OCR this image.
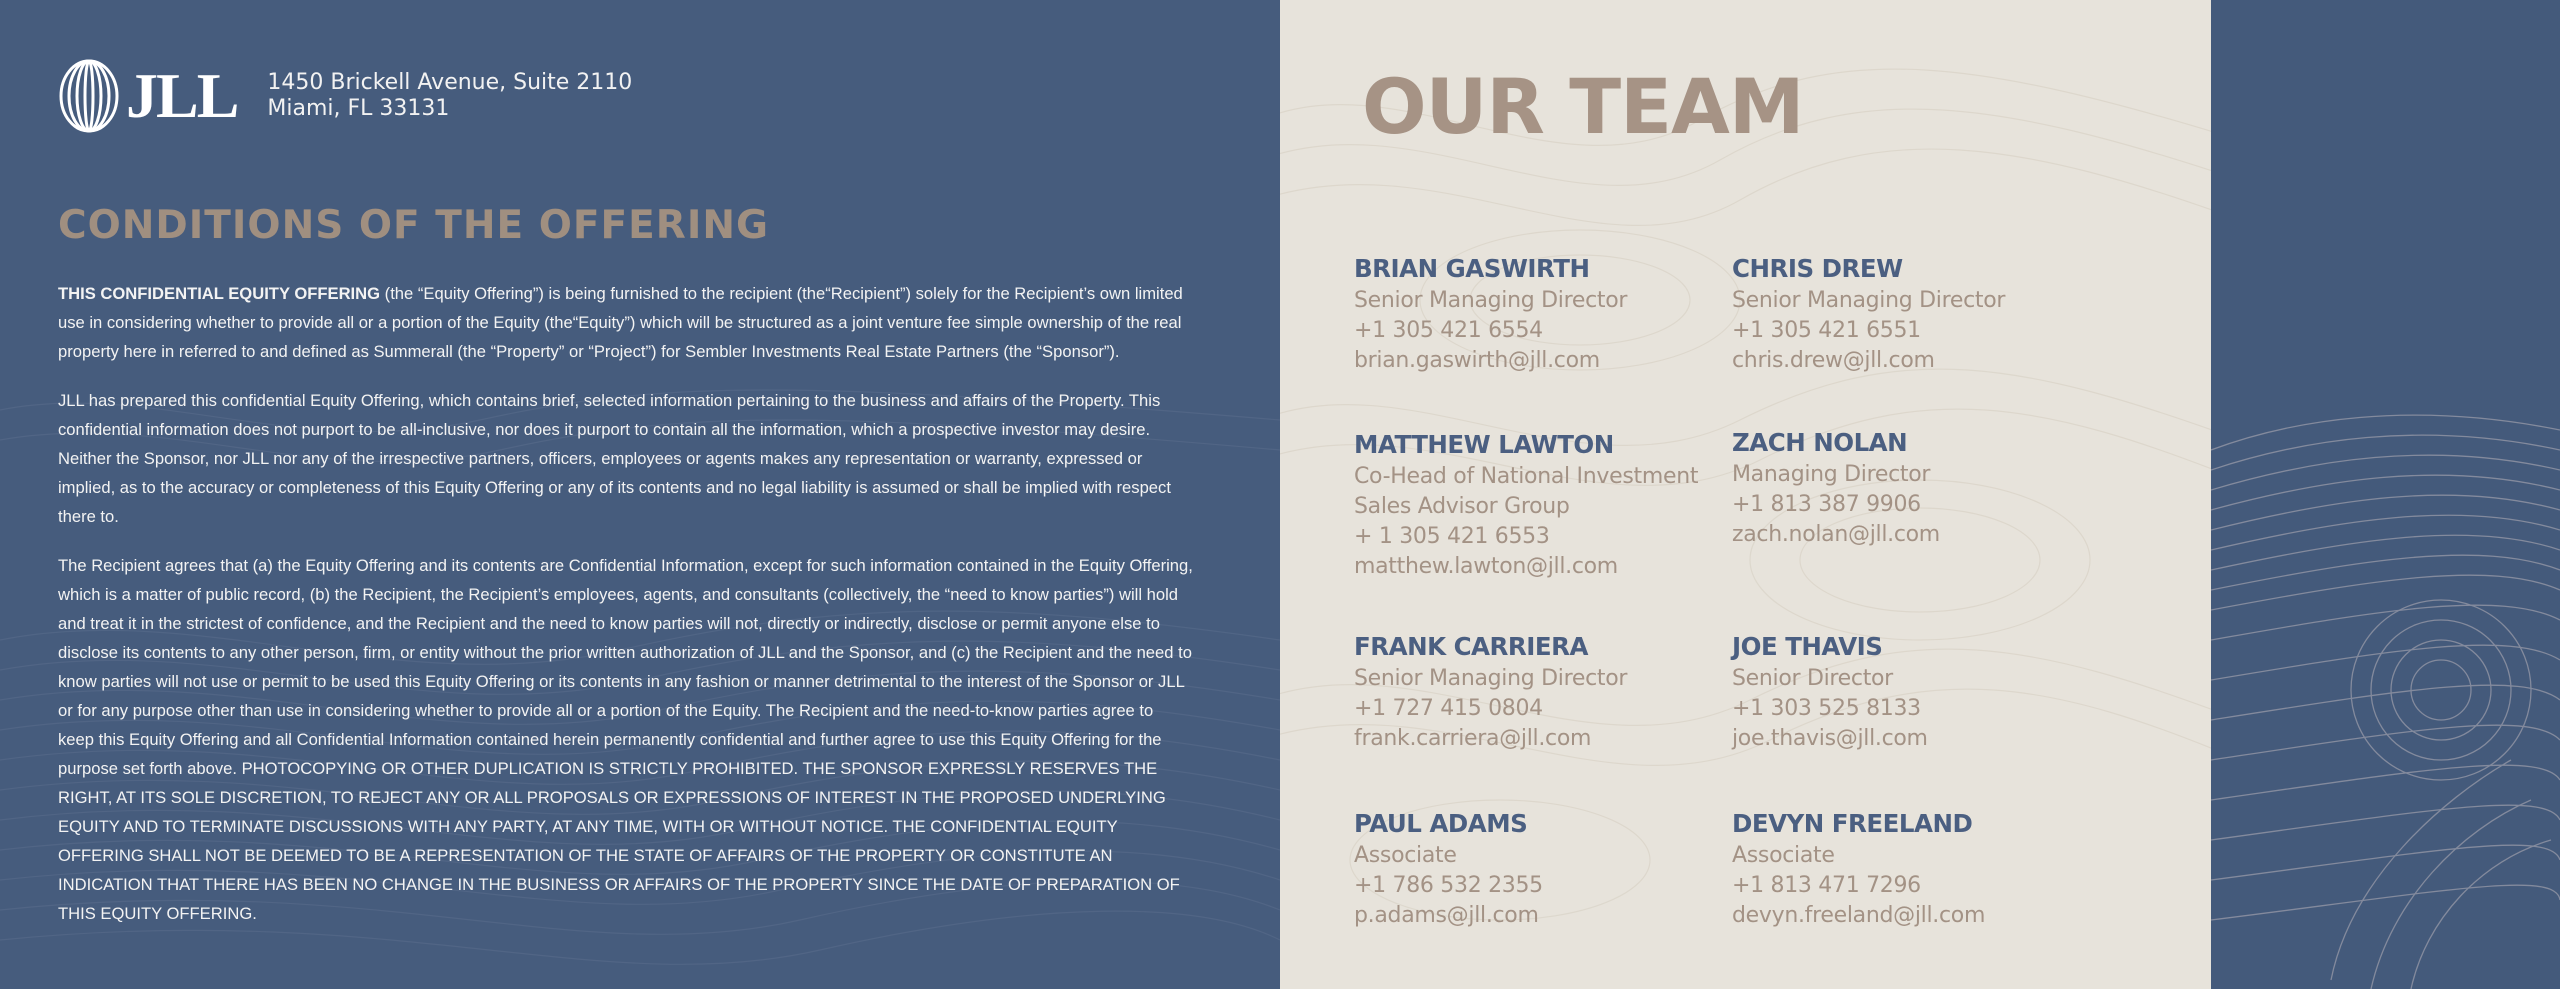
JLL 1450 Brickell Avenue, Suite 2110
Miami, FL 33131
CONDITIONS OF THE OFFERING

THIS CONFIDENTIAL EQUITY OFFERING (the “Equity Offering”) is being furnished to the recipient (the“Recipient”) solely for the Recipient’s own limited use in considering whether to provide all or a portion of the Equity (the“Equity”) which will be structured as a joint venture fee simple ownership of the real property here in referred to and defined as Summerall (the “Property” or “Project”) for Sembler Investments Real Estate Partners (the “Sponsor”).

JLL has prepared this confidential Equity Offering, which contains brief, selected information pertaining to the business and affairs of the Property. This confidential information does not purport to be all-inclusive, nor does it purport to contain all the information, which a prospective investor may desire. Neither the Sponsor, nor JLL nor any of the irrespective partners, officers, employees or agents makes any representation or warranty, expressed or implied, as to the accuracy or completeness of this Equity Offering or any of its contents and no legal liability is assumed or shall be implied with respect there to.

The Recipient agrees that (a) the Equity Offering and its contents are Confidential Information, except for such information contained in the Equity Offering, which is a matter of public record, (b) the Recipient, the Recipient’s employees, agents, and consultants (collectively, the “need to know parties”) will hold and treat it in the strictest of confidence, and the Recipient and the need to know parties will not, directly or indirectly, disclose or permit anyone else to disclose its contents to any other person, firm, or entity without the prior written authorization of JLL and the Sponsor, and (c) the Recipient and the need to know parties will not use or permit to be used this Equity Offering or its contents in any fashion or manner detrimental to the interest of the Sponsor or JLL or for any purpose other than use in considering whether to provide all or a portion of the Equity. The Recipient and the need-to-know parties agree to keep this Equity Offering and all Confidential Information contained herein permanently confidential and further agree to use this Equity Offering for the purpose set forth above. PHOTOCOPYING OR OTHER DUPLICATION IS STRICTLY PROHIBITED. THE SPONSOR EXPRESSLY RESERVES THE RIGHT, AT ITS SOLE DISCRETION, TO REJECT ANY OR ALL PROPOSALS OR EXPRESSIONS OF INTEREST IN THE PROPOSED UNDERLYING EQUITY AND TO TERMINATE DISCUSSIONS WITH ANY PARTY, AT ANY TIME, WITH OR WITHOUT NOTICE. THE CONFIDENTIAL EQUITY OFFERING SHALL NOT BE DEEMED TO BE A REPRESENTATION OF THE STATE OF AFFAIRS OF THE PROPERTY OR CONSTITUTE AN INDICATION THAT THERE HAS BEEN NO CHANGE IN THE BUSINESS OR AFFAIRS OF THE PROPERTY SINCE THE DATE OF PREPARATION OF THIS EQUITY OFFERING.

OUR TEAM
BRIAN GASWIRTH
Senior Managing Director
+1 305 421 6554
brian.gaswirth@jll.com
CHRIS DREW
Senior Managing Director
+1 305 421 6551
chris.drew@jll.com
MATTHEW LAWTON
Co-Head of National Investment
Sales Advisor Group
+ 1 305 421 6553
matthew.lawton@jll.com
ZACH NOLAN
Managing Director
+1 813 387 9906
zach.nolan@jll.com
FRANK CARRIERA
Senior Managing Director
+1 727 415 0804
frank.carriera@jll.com
JOE THAVIS
Senior Director
+1 303 525 8133
joe.thavis@jll.com
PAUL ADAMS
Associate
+1 786 532 2355
p.adams@jll.com
DEVYN FREELAND
Associate
+1 813 471 7296
devyn.freeland@jll.com
